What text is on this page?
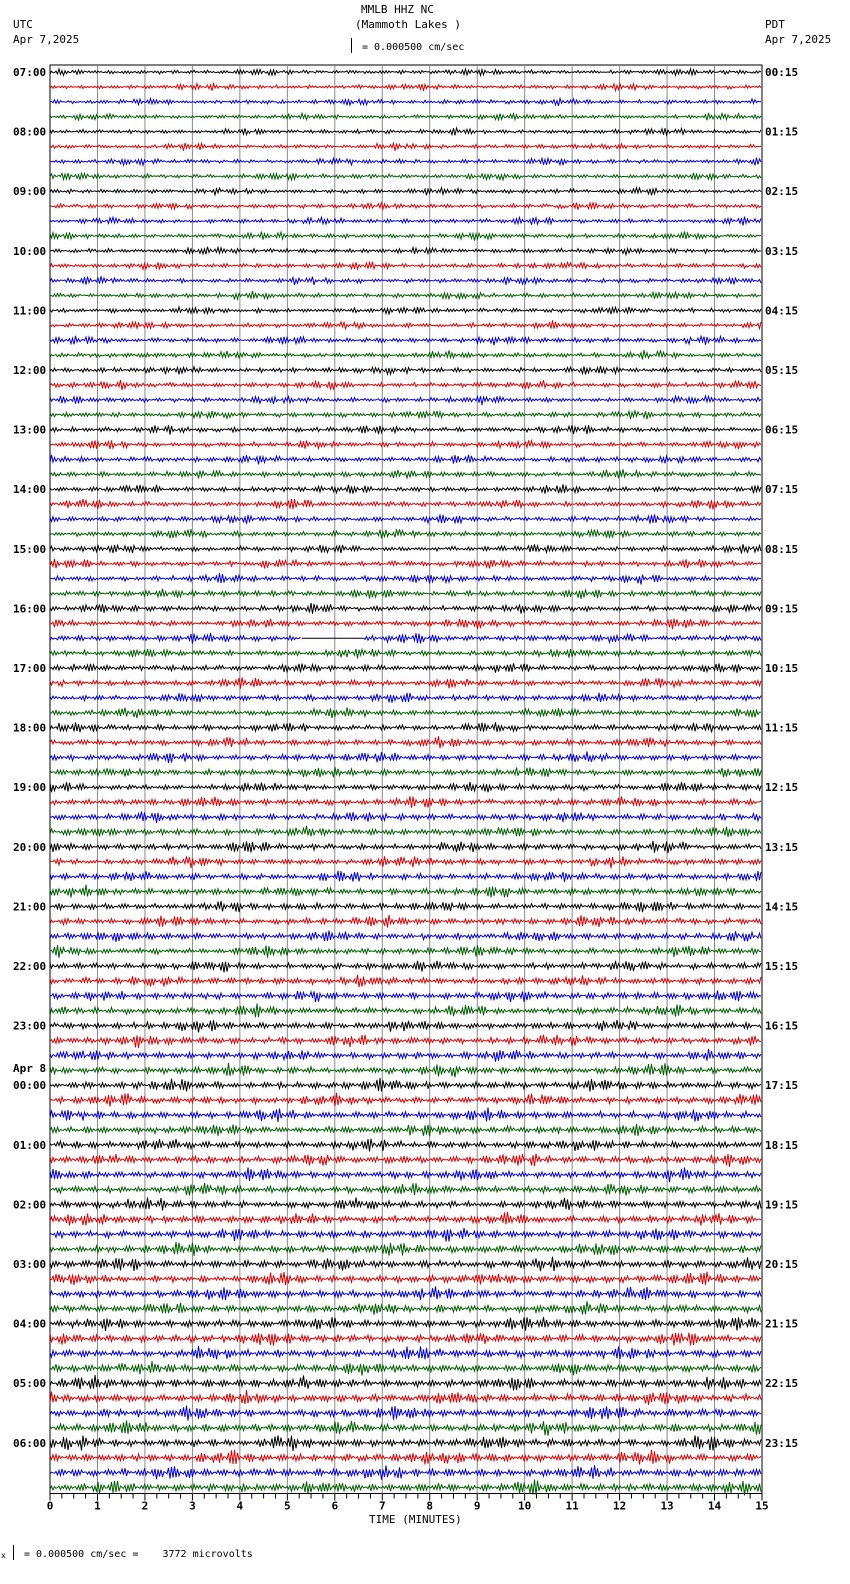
MMLB HHZ NC
(Mammoth Lakes )
UTC
Apr 7,2025
PDT
Apr 7,2025
= 0.000500 cm/sec
0	1	2	3	4	5	6	7	8	9	10	11	12	13	14	15
07:00	00:15
08:00	01:15
09:00	02:15
10:00	03:15
11:00	04:15
12:00	05:15
13:00	06:15
14:00	07:15
15:00	08:15
16:00	09:15
17:00	10:15
18:00	11:15
19:00	12:15
20:00	13:15
21:00	14:15
22:00	15:15
23:00	16:15
00:00	17:15
Apr 8
01:00	18:15
02:00	19:15
03:00	20:15
04:00	21:15
05:00	22:15
06:00	23:15
TIME (MINUTES)
x = 0.000500 cm/sec =    3772 microvolts
